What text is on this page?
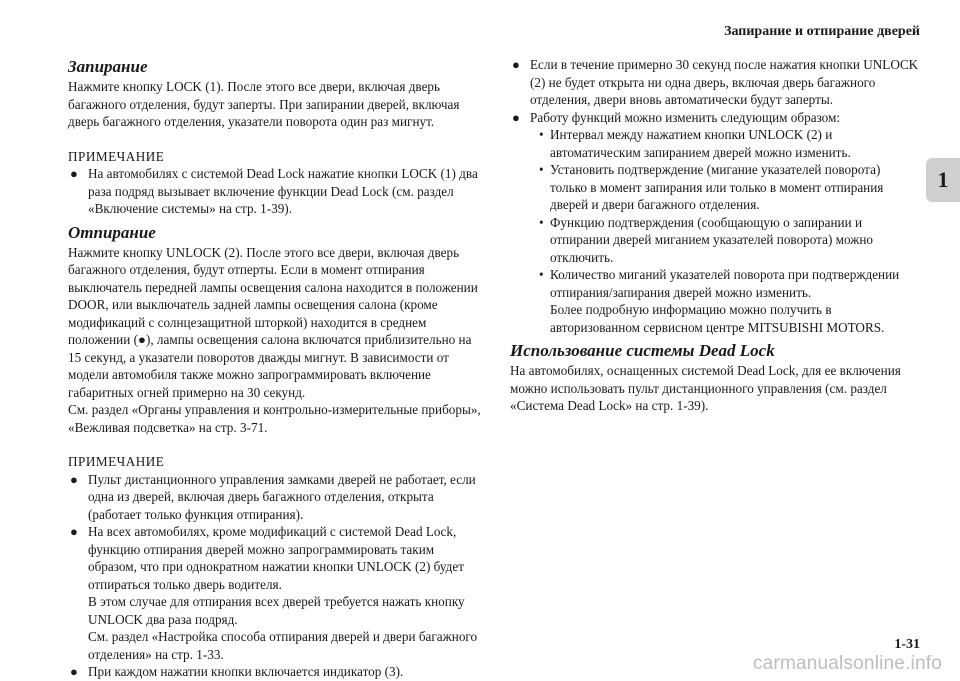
Запирание и отпирание дверей
1
Запирание

Нажмите кнопку LOCK (1). После этого все двери, включая дверь багажного отделения, будут заперты. При запирании дверей, включая дверь багажного отделения, указатели поворота один раз мигнут.

ПРИМЕЧАНИЕ

● На автомобилях с системой Dead Lock нажатие кнопки LOCK (1) два раза подряд вызывает включение функции Dead Lock (см. раздел «Включение системы» на стр. 1-39).
Отпирание

Нажмите кнопку UNLOCK (2). После этого все двери, включая дверь багажного отделения, будут отперты. Если в момент отпирания выключатель передней лампы освещения салона находится в положении DOOR, или выключатель задней лампы освещения салона (кроме модификаций с солнцезащитной шторкой) находится в среднем положении (●), лампы освещения салона включатся приблизительно на 15 секунд, а указатели поворотов дважды мигнут. В зависимости от модели автомобиля также можно запрограммировать включение габаритных огней примерно на 30 секунд.

См. раздел «Органы управления и контрольно-измерительные приборы», «Вежливая подсветка» на стр. 3-71.

ПРИМЕЧАНИЕ

● Пульт дистанционного управления замками дверей не работает, если одна из дверей, включая дверь багажного отделения, открыта (работает только функция отпирания).
● На всех автомобилях, кроме модификаций с системой Dead Lock, функцию отпирания дверей можно запрограммировать таким образом, что при однократном нажатии кнопки UNLOCK (2) будет отпираться только дверь водителя.

В этом случае для отпирания всех дверей требуется нажать кнопку UNLOCK два раза подряд.

См. раздел «Настройка способа отпирания дверей и двери багажного отделения» на стр. 1-33.

● При каждом нажатии кнопки включается индикатор (3).
● Если в течение примерно 30 секунд после нажатия кнопки UNLOCK (2) не будет открыта ни одна дверь, включая дверь багажного отделения, двери вновь автоматически будут заперты.
● Работу функций можно изменить следующим образом:
• Интервал между нажатием кнопки UNLOCK (2) и автоматическим запиранием дверей можно изменить.
• Установить подтверждение (мигание указателей поворота) только в момент запирания или только в момент отпирания дверей и двери багажного отделения.
• Функцию подтверждения (сообщающую о запирании и отпирании дверей миганием указателей поворота) можно отключить.
• Количество миганий указателей поворота при подтверждении отпирания/запирания дверей можно изменить.

Более подробную информацию можно получить в авторизованном сервисном центре MITSUBISHI MOTORS.

Использование системы Dead Lock

На автомобилях, оснащенных системой Dead Lock, для ее включения можно использовать пульт дистанционного управления (см. раздел «Система Dead Lock» на стр. 1-39).

1-31
carmanualsonline.info
